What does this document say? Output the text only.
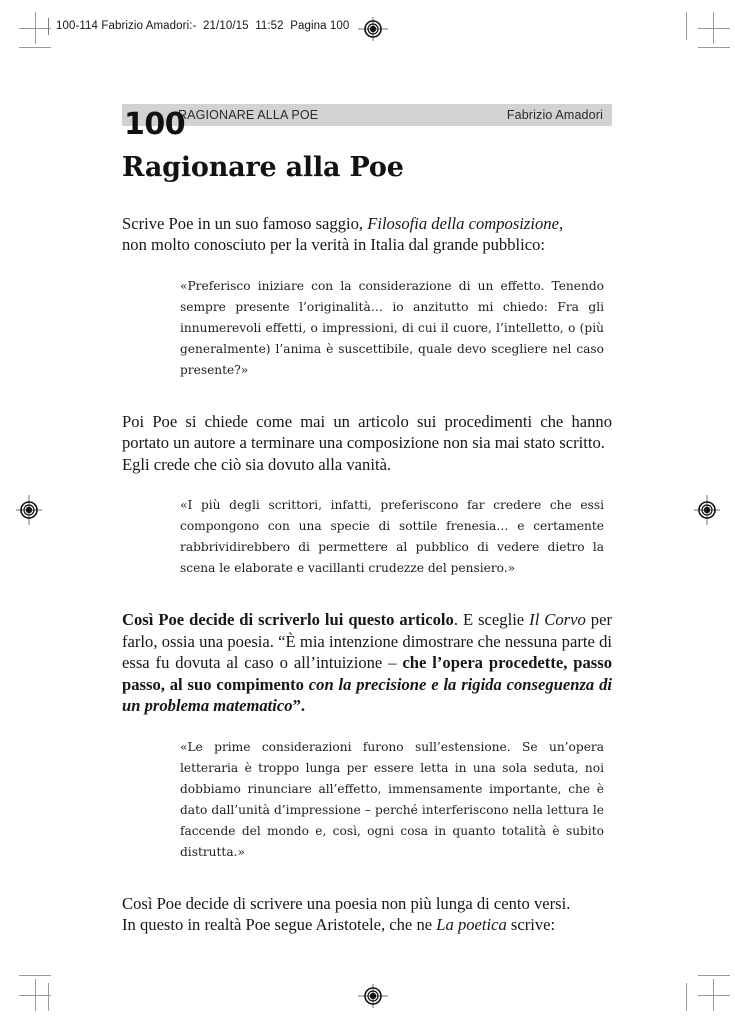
100-114 Fabrizio Amadori:-  21/10/15  11:52  Pagina 100
RAGIONARE ALLA POE	Fabrizio Amadori
100
Ragionare alla Poe

Scrive Poe in un suo famoso saggio, Filosofia della composizione,
non molto conosciuto per la verità in Italia dal grande pubblico:

«Preferisco iniziare con la considerazione di un effetto. Tenendo sempre presente l’originalità… io anzitutto mi chiedo: Fra gli innumerevoli effetti, o impressioni, di cui il cuore, l’intelletto, o (più generalmente) l’anima è suscettibile, quale devo scegliere nel caso presente?»

Poi Poe si chiede come mai un articolo sui procedimenti che hanno portato un autore a terminare una composizione non sia mai stato scritto.

Egli crede che ciò sia dovuto alla vanità.

«I più degli scrittori, infatti, preferiscono far credere che essi compongono con una specie di sottile frenesia… e certamente rabbrividirebbero di permettere al pubblico di vedere dietro la scena le elaborate e vacillanti crudezze del pensiero.»

Così Poe decide di scriverlo lui questo articolo. E sceglie Il Corvo per farlo, ossia una poesia. “È mia intenzione dimostrare che nessuna parte di essa fu dovuta al caso o all’intuizione – che l’opera procedette, passo passo, al suo compimento con la precisione e la rigida conseguenza di un problema matematico”.

«Le prime considerazioni furono sull’estensione. Se un’opera letteraria è troppo lunga per essere letta in una sola seduta, noi dobbiamo rinunciare all’effetto, immensamente importante, che è dato dall’unità d’impressione – perché interferiscono nella lettura le faccende del mondo e, così, ogni cosa in quanto totalità è subito distrutta.»

Così Poe decide di scrivere una poesia non più lunga di cento versi.
In questo in realtà Poe segue Aristotele, che ne La poetica scrive:
